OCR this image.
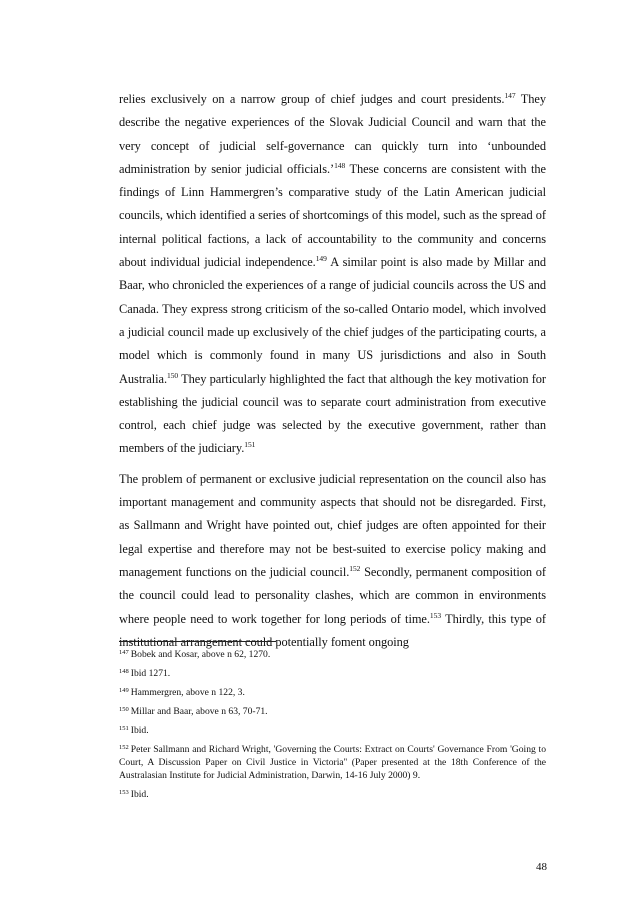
relies exclusively on a narrow group of chief judges and court presidents.$^{147}$ They describe the negative experiences of the Slovak Judicial Council and warn that the very concept of judicial self-governance can quickly turn into ‘unbounded administration by senior judicial officials.’$^{148}$ These concerns are consistent with the findings of Linn Hammergren’s comparative study of the Latin American judicial councils, which identified a series of shortcomings of this model, such as the spread of internal political factions, a lack of accountability to the community and concerns about individual judicial independence.$^{149}$ A similar point is also made by Millar and Baar, who chronicled the experiences of a range of judicial councils across the US and Canada. They express strong criticism of the so-called Ontario model, which involved a judicial council made up exclusively of the chief judges of the participating courts, a model which is commonly found in many US jurisdictions and also in South Australia.$^{150}$ They particularly highlighted the fact that although the key motivation for establishing the judicial council was to separate court administration from executive control, each chief judge was selected by the executive government, rather than members of the judiciary.$^{151}$

The problem of permanent or exclusive judicial representation on the council also has important management and community aspects that should not be disregarded. First, as Sallmann and Wright have pointed out, chief judges are often appointed for their legal expertise and therefore may not be best-suited to exercise policy making and management functions on the judicial council.$^{152}$ Secondly, permanent composition of the council could lead to personality clashes, which are common in environments where people need to work together for long periods of time.$^{153}$ Thirdly, this type of institutional arrangement could potentially foment ongoing

$^{147}$ Bobek and Kosar, above n 62, 1270.
$^{148}$ Ibid 1271.
$^{149}$ Hammergren, above n 122, 3.
$^{150}$ Millar and Baar, above n 63, 70-71.
$^{151}$ Ibid.
$^{152}$ Peter Sallmann and Richard Wright, 'Governing the Courts: Extract on Courts' Governance From 'Going to Court, A Discussion Paper on Civil Justice in Victoria'' (Paper presented at the 18th Conference of the Australasian Institute for Judicial Administration, Darwin, 14-16 July 2000) 9.
$^{153}$ Ibid.
48
